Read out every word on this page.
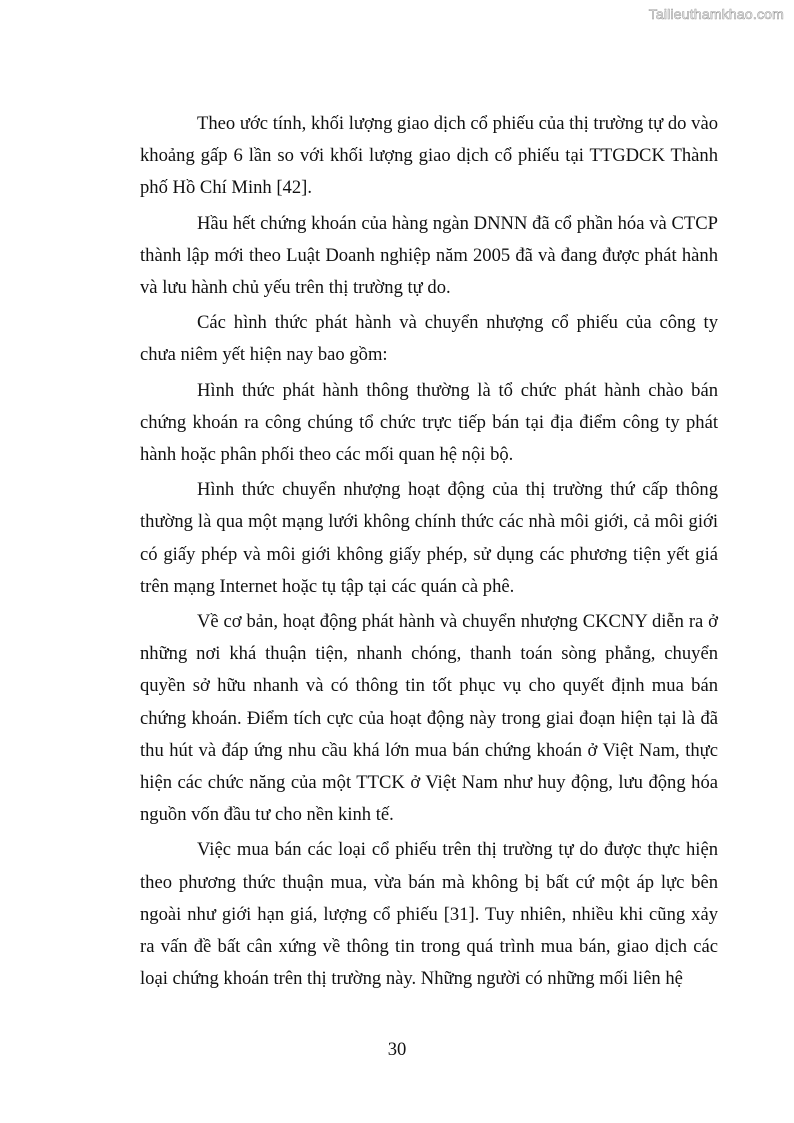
Tailieuthamkhao.com

Theo ước tính, khối lượng giao dịch cổ phiếu của thị trường tự do vào khoảng gấp 6 lần so với khối lượng giao dịch cổ phiếu tại TTGDCK Thành phố Hồ Chí Minh [42].

Hầu hết chứng khoán của hàng ngàn DNNN đã cổ phần hóa và CTCP thành lập mới theo Luật Doanh nghiệp năm 2005 đã và đang được phát hành và lưu hành chủ yếu trên thị trường tự do.

Các hình thức phát hành và chuyển nhượng cổ phiếu của công ty chưa niêm yết hiện nay bao gồm:

Hình thức phát hành thông thường là tổ chức phát hành chào bán chứng khoán ra công chúng tổ chức trực tiếp bán tại địa điểm công ty phát hành hoặc phân phối theo các mối quan hệ nội bộ.

Hình thức chuyển nhượng hoạt động của thị trường thứ cấp thông thường là qua một mạng lưới không chính thức các nhà môi giới, cả môi giới có giấy phép và môi giới không giấy phép, sử dụng các phương tiện yết giá trên mạng Internet hoặc tụ tập tại các quán cà phê.

Về cơ bản, hoạt động phát hành và chuyển nhượng CKCNY diễn ra ở những nơi khá thuận tiện, nhanh chóng, thanh toán sòng phẳng, chuyển quyền sở hữu nhanh và có thông tin tốt phục vụ cho quyết định mua bán chứng khoán. Điểm tích cực của hoạt động này trong giai đoạn hiện tại là đã thu hút và đáp ứng nhu cầu khá lớn mua bán chứng khoán ở Việt Nam, thực hiện các chức năng của một TTCK ở Việt Nam như huy động, lưu động hóa nguồn vốn đầu tư cho nền kinh tế.

Việc mua bán các loại cổ phiếu trên thị trường tự do được thực hiện theo phương thức thuận mua, vừa bán mà không bị bất cứ một áp lực bên ngoài như giới hạn giá, lượng cổ phiếu [31]. Tuy nhiên, nhiều khi cũng xảy ra vấn đề bất cân xứng về thông tin trong quá trình mua bán, giao dịch các loại chứng khoán trên thị trường này. Những người có những mối liên hệ

30
